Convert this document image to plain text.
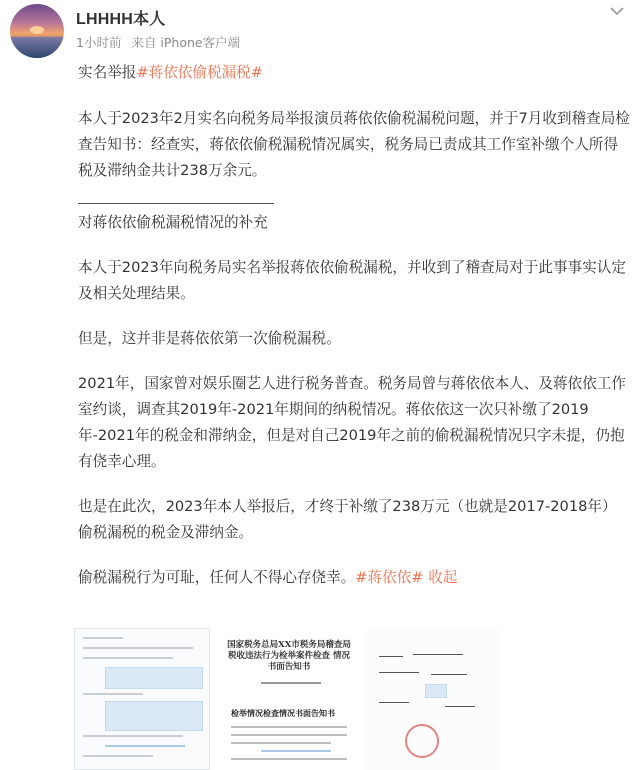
LHHHH本人
1小时前 来自 iPhone客户端

实名举报#蒋依依偷税漏税#

本人于2023年2月实名向税务局举报演员蒋依依偷税漏税问题，并于7月收到稽查局检查告知书：经查实，蒋依依偷税漏税情况属实，税务局已责成其工作室补缴个人所得税及滞纳金共计238万余元。

对蒋依依偷税漏税情况的补充

本人于2023年向税务局实名举报蒋依依偷税漏税，并收到了稽查局对于此事事实认定及相关处理结果。

但是，这并非是蒋依依第一次偷税漏税。

2021年，国家曾对娱乐圈艺人进行税务普查。税务局曾与蒋依依本人、及蒋依依工作室约谈，调查其2019年-2021年期间的纳税情况。蒋依依这一次只补缴了2019年-2021年的税金和滞纳金，但是对自己2019年之前的偷税漏税情况只字未提，仍抱有侥幸心理。

也是在此次，2023年本人举报后，才终于补缴了238万元（也就是2017-2018年）偷税漏税的税金及滞纳金。

偷税漏税行为可耻，任何人不得心存侥幸。#蒋依依# 收起

国家税务总局XX市税务局稽查局 税收违法行为检举案件检查 情况书面告知书
检举情况检查情况书面告知书
